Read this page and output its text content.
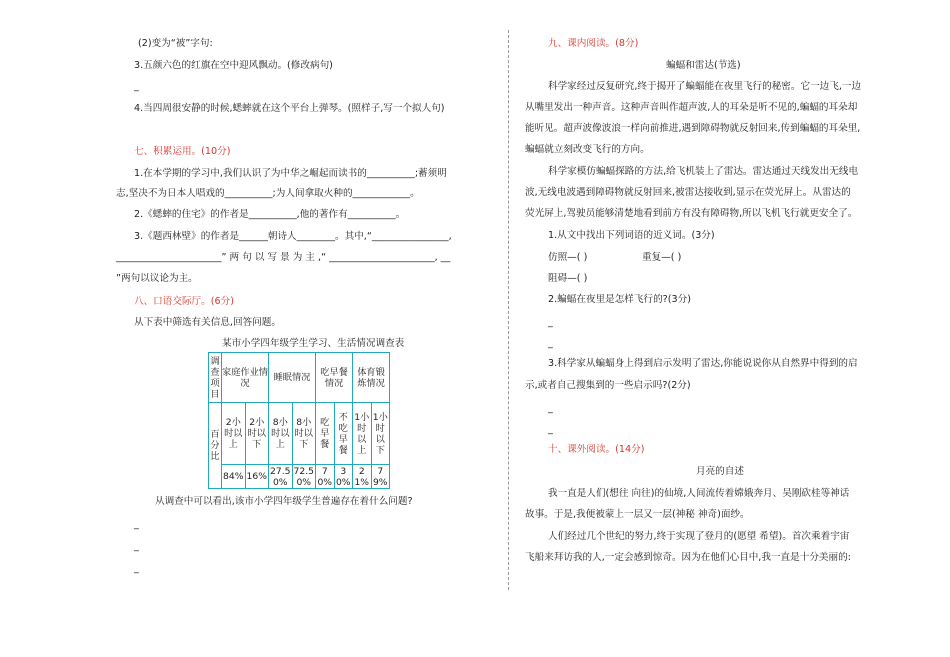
(2)变为“被”字句:
3.五颜六色的红旗在空中迎风飘动。(修改病句)
_
4.当四周很安静的时候,蟋蟀就在这个平台上弹琴。(照样子,写一个拟人句)
七、积累运用。(10分)
1.在本学期的学习中,我们认识了为中华之崛起而读书的__________;蓄须明
志,坚决不为日本人唱戏的__________;为人间拿取火种的____________。
2.《蟋蟀的住宅》的作者是__________,他的著作有__________。
3.《题西林壁》的作者是______朝诗人________。其中,“________________,
______________________” 两 句 以 写 景 为 主 ,“ ______________________, __
”两句以议论为主。
八、口语交际厅。(6分)
从下表中筛选有关信息,回答问题。
某市小学四年级学生学习、生活情况调查表
调查项目	家庭作业情况		睡眠情况		吃早餐情况		体育锻炼情况	
百分比	2小时以上	2小时以下	8小时以上	8小时以下	吃早餐	不吃早餐	1小时以上	1小时以下
	84%	16%	27.50%	72.50%	70%	30%	21%	79%
从调查中可以看出,该市小学四年级学生普遍存在着什么问题?
_
_
_
九、课内阅读。(8分)
蝙蝠和雷达(节选)
科学家经过反复研究,终于揭开了蝙蝠能在夜里飞行的秘密。它一边飞,一边
从嘴里发出一种声音。这种声音叫作超声波,人的耳朵是听不见的,蝙蝠的耳朵却
能听见。超声波像波浪一样向前推进,遇到障碍物就反射回来,传到蝙蝠的耳朵里,
蝙蝠就立刻改变飞行的方向。
科学家模仿蝙蝠探路的方法,给飞机装上了雷达。雷达通过天线发出无线电
波,无线电波遇到障碍物就反射回来,被雷达接收到,显示在荧光屏上。从雷达的
荧光屏上,驾驶员能够清楚地看到前方有没有障碍物,所以飞机飞行就更安全了。
1.从文中找出下列词语的近义词。(3分)
仿照—( )	重复—( )
阻碍—( )
2.蝙蝠在夜里是怎样飞行的?(3分)
_
_
3.科学家从蝙蝠身上得到启示发明了雷达,你能说说你从自然界中得到的启
示,或者自己搜集到的一些启示吗?(2分)
_
_
十、课外阅读。(14分)
月亮的自述
我一直是人们(想往 向往)的仙境,人间流传着嫦娥奔月、吴刚砍桂等神话
故事。于是,我便被蒙上一层又一层(神秘 神奇)面纱。
人们经过几个世纪的努力,终于实现了登月的(愿望 希望)。首次乘着宇宙
飞船来拜访我的人,一定会感到惊奇。因为在他们心目中,我一直是十分美丽的:
